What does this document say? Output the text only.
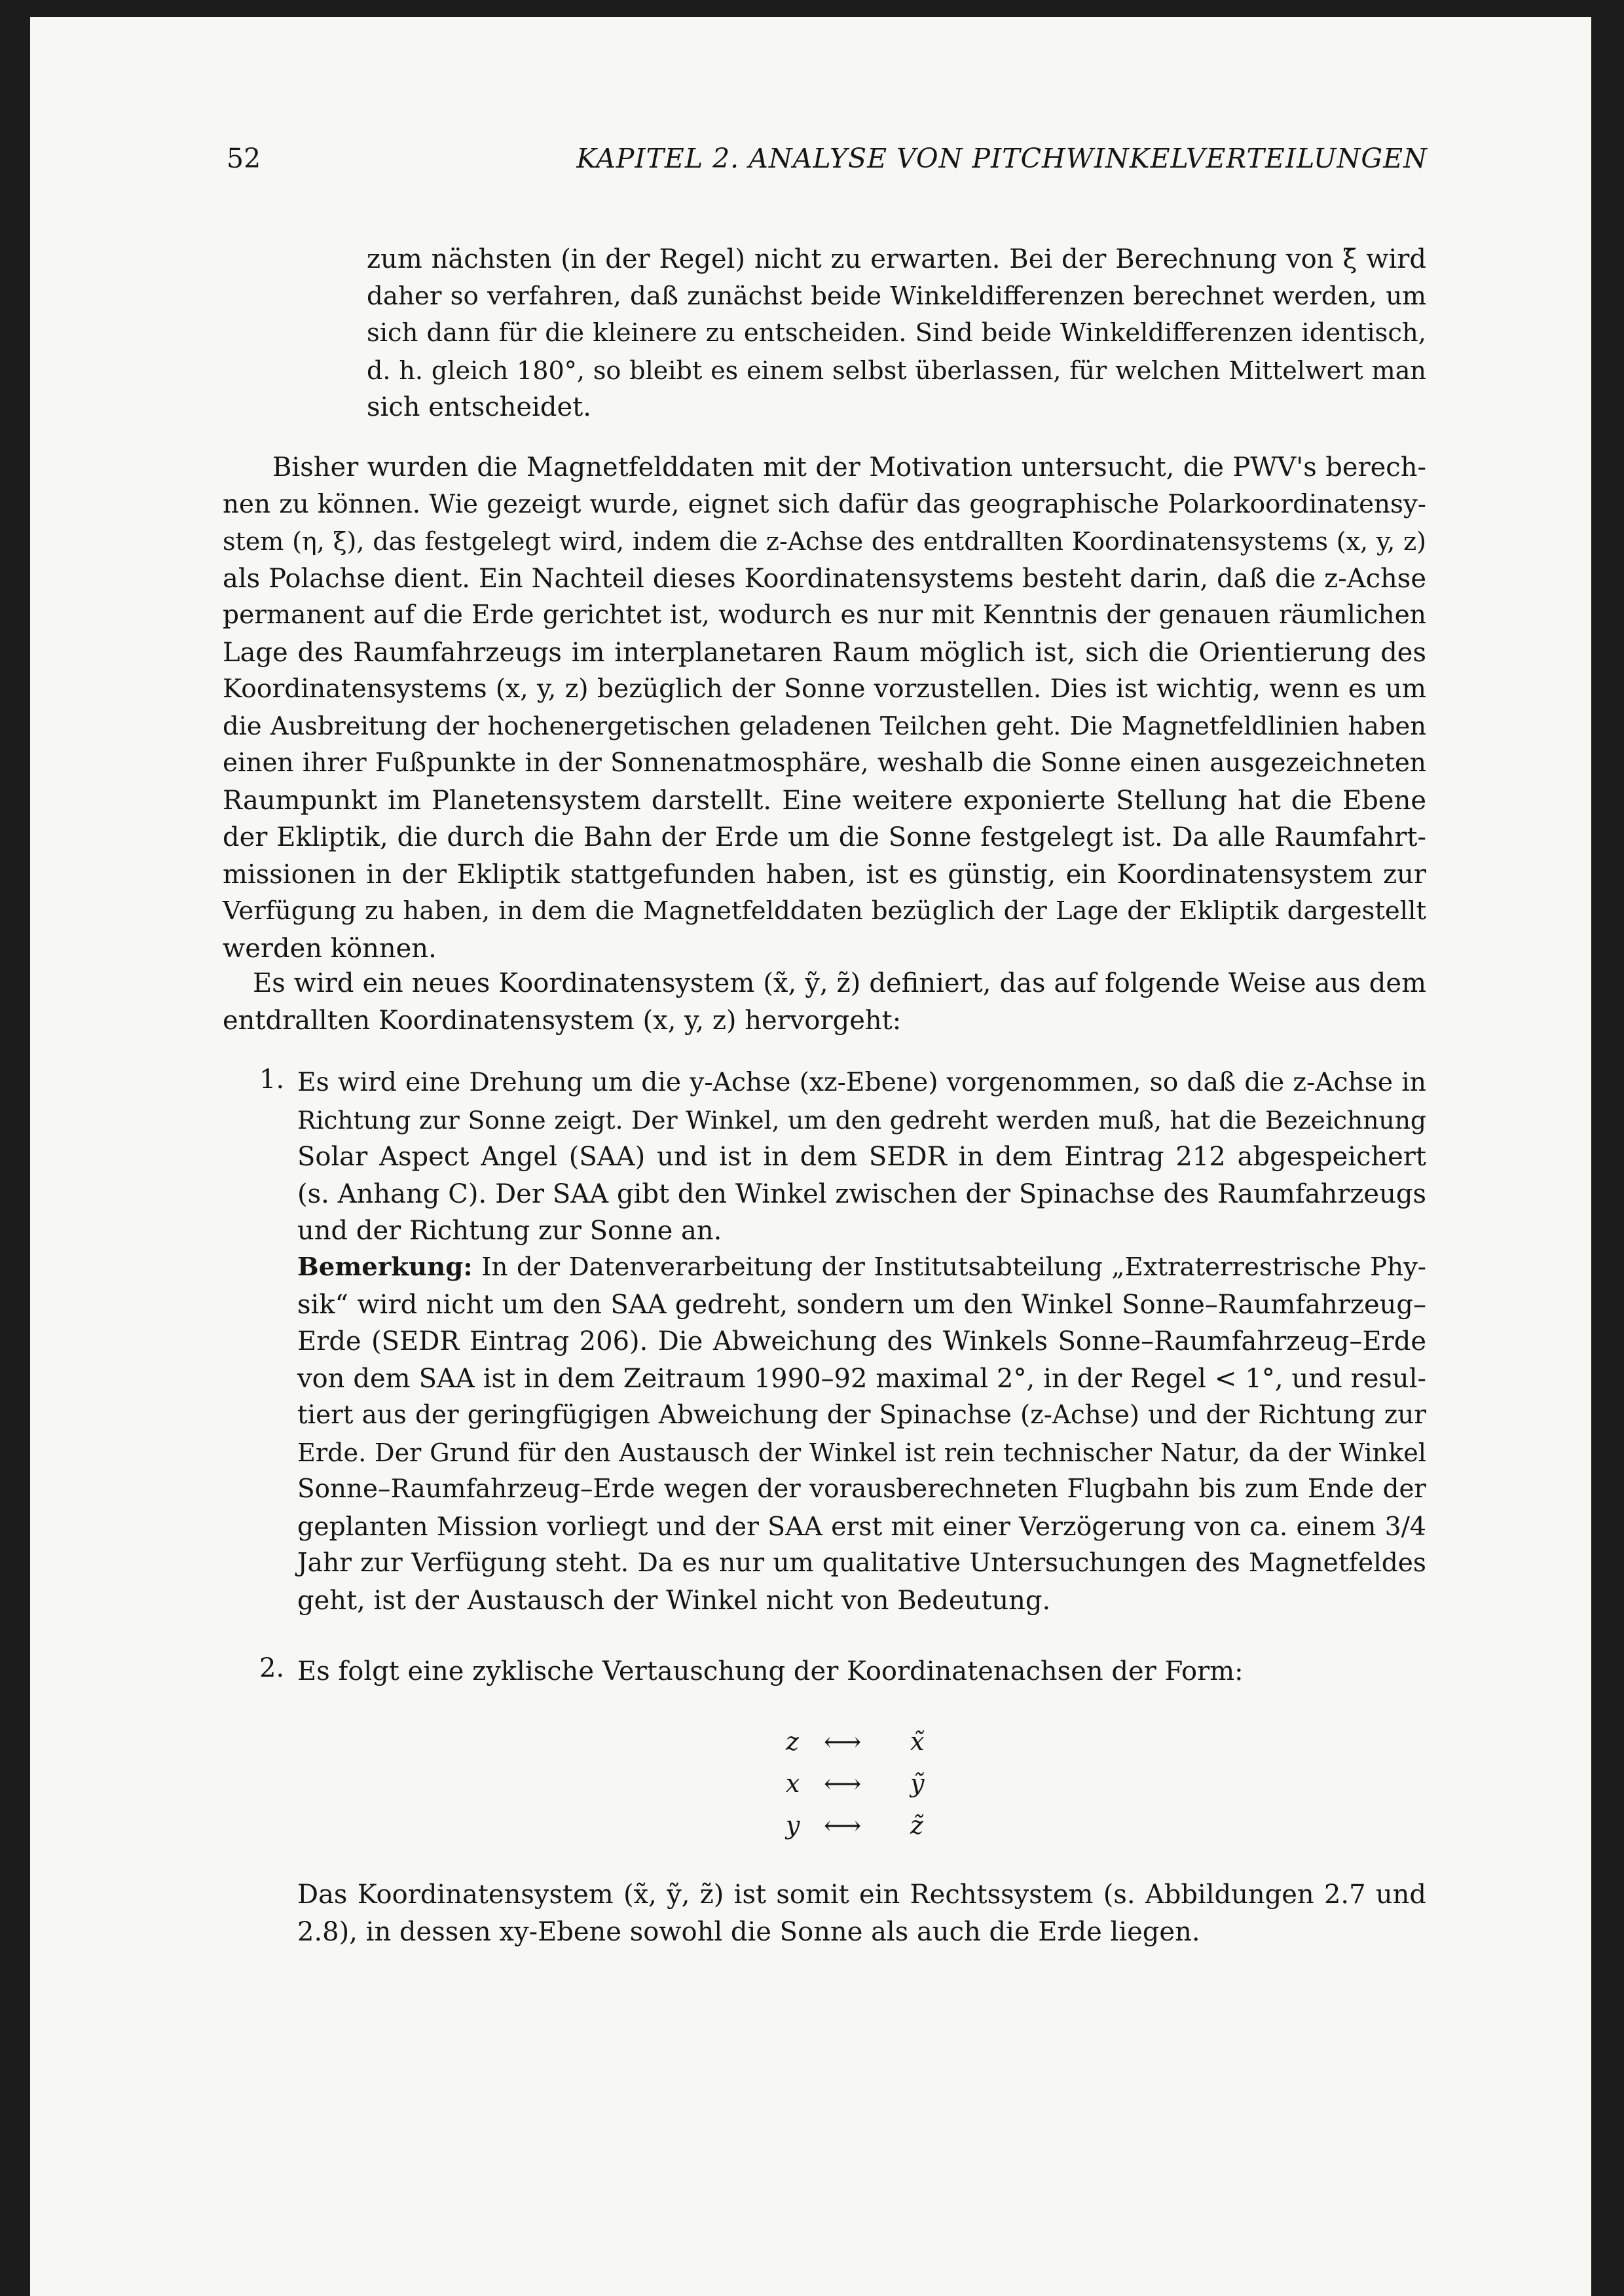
52	KAPITEL 2. ANALYSE VON PITCHWINKELVERTEILUNGEN
zum nächsten (in der Regel) nicht zu erwarten. Bei der Berechnung von ξ̄ wird
daher so verfahren, daß zunächst beide Winkeldifferenzen berechnet werden, um
sich dann für die kleinere zu entscheiden. Sind beide Winkeldifferenzen identisch,
d. h. gleich 180°, so bleibt es einem selbst überlassen, für welchen Mittelwert man
sich entscheidet.
Bisher wurden die Magnetfelddaten mit der Motivation untersucht, die PWV's berech-
nen zu können. Wie gezeigt wurde, eignet sich dafür das geographische Polarkoordinatensy-
stem (η, ξ), das festgelegt wird, indem die z-Achse des entdrallten Koordinatensystems (x, y, z)
als Polachse dient. Ein Nachteil dieses Koordinatensystems besteht darin, daß die z-Achse
permanent auf die Erde gerichtet ist, wodurch es nur mit Kenntnis der genauen räumlichen
Lage des Raumfahrzeugs im interplanetaren Raum möglich ist, sich die Orientierung des
Koordinatensystems (x, y, z) bezüglich der Sonne vorzustellen. Dies ist wichtig, wenn es um
die Ausbreitung der hochenergetischen geladenen Teilchen geht. Die Magnetfeldlinien haben
einen ihrer Fußpunkte in der Sonnenatmosphäre, weshalb die Sonne einen ausgezeichneten
Raumpunkt im Planetensystem darstellt. Eine weitere exponierte Stellung hat die Ebene
der Ekliptik, die durch die Bahn der Erde um die Sonne festgelegt ist. Da alle Raumfahrt-
missionen in der Ekliptik stattgefunden haben, ist es günstig, ein Koordinatensystem zur
Verfügung zu haben, in dem die Magnetfelddaten bezüglich der Lage der Ekliptik dargestellt
werden können.
Es wird ein neues Koordinatensystem (x̃, ỹ, z̃) definiert, das auf folgende Weise aus dem
entdrallten Koordinatensystem (x, y, z) hervorgeht:
1. Es wird eine Drehung um die y-Achse (xz-Ebene) vorgenommen, so daß die z-Achse in
Richtung zur Sonne zeigt. Der Winkel, um den gedreht werden muß, hat die Bezeichnung
Solar Aspect Angel (SAA) und ist in dem SEDR in dem Eintrag 212 abgespeichert
(s. Anhang C). Der SAA gibt den Winkel zwischen der Spinachse des Raumfahrzeugs
und der Richtung zur Sonne an.
Bemerkung: In der Datenverarbeitung der Institutsabteilung „Extraterrestrische Phy-
sik“ wird nicht um den SAA gedreht, sondern um den Winkel Sonne–Raumfahrzeug–
Erde (SEDR Eintrag 206). Die Abweichung des Winkels Sonne–Raumfahrzeug–Erde
von dem SAA ist in dem Zeitraum 1990–92 maximal 2°, in der Regel < 1°, und resul-
tiert aus der geringfügigen Abweichung der Spinachse (z-Achse) und der Richtung zur
Erde. Der Grund für den Austausch der Winkel ist rein technischer Natur, da der Winkel
Sonne–Raumfahrzeug–Erde wegen der vorausberechneten Flugbahn bis zum Ende der
geplanten Mission vorliegt und der SAA erst mit einer Verzögerung von ca. einem 3/4
Jahr zur Verfügung steht. Da es nur um qualitative Untersuchungen des Magnetfeldes
geht, ist der Austausch der Winkel nicht von Bedeutung.
2. Es folgt eine zyklische Vertauschung der Koordinatenachsen der Form:
z ⟷ x̃
x ⟷ ỹ
y ⟷ z̃
Das Koordinatensystem (x̃, ỹ, z̃) ist somit ein Rechtssystem (s. Abbildungen 2.7 und
2.8), in dessen xy-Ebene sowohl die Sonne als auch die Erde liegen.
